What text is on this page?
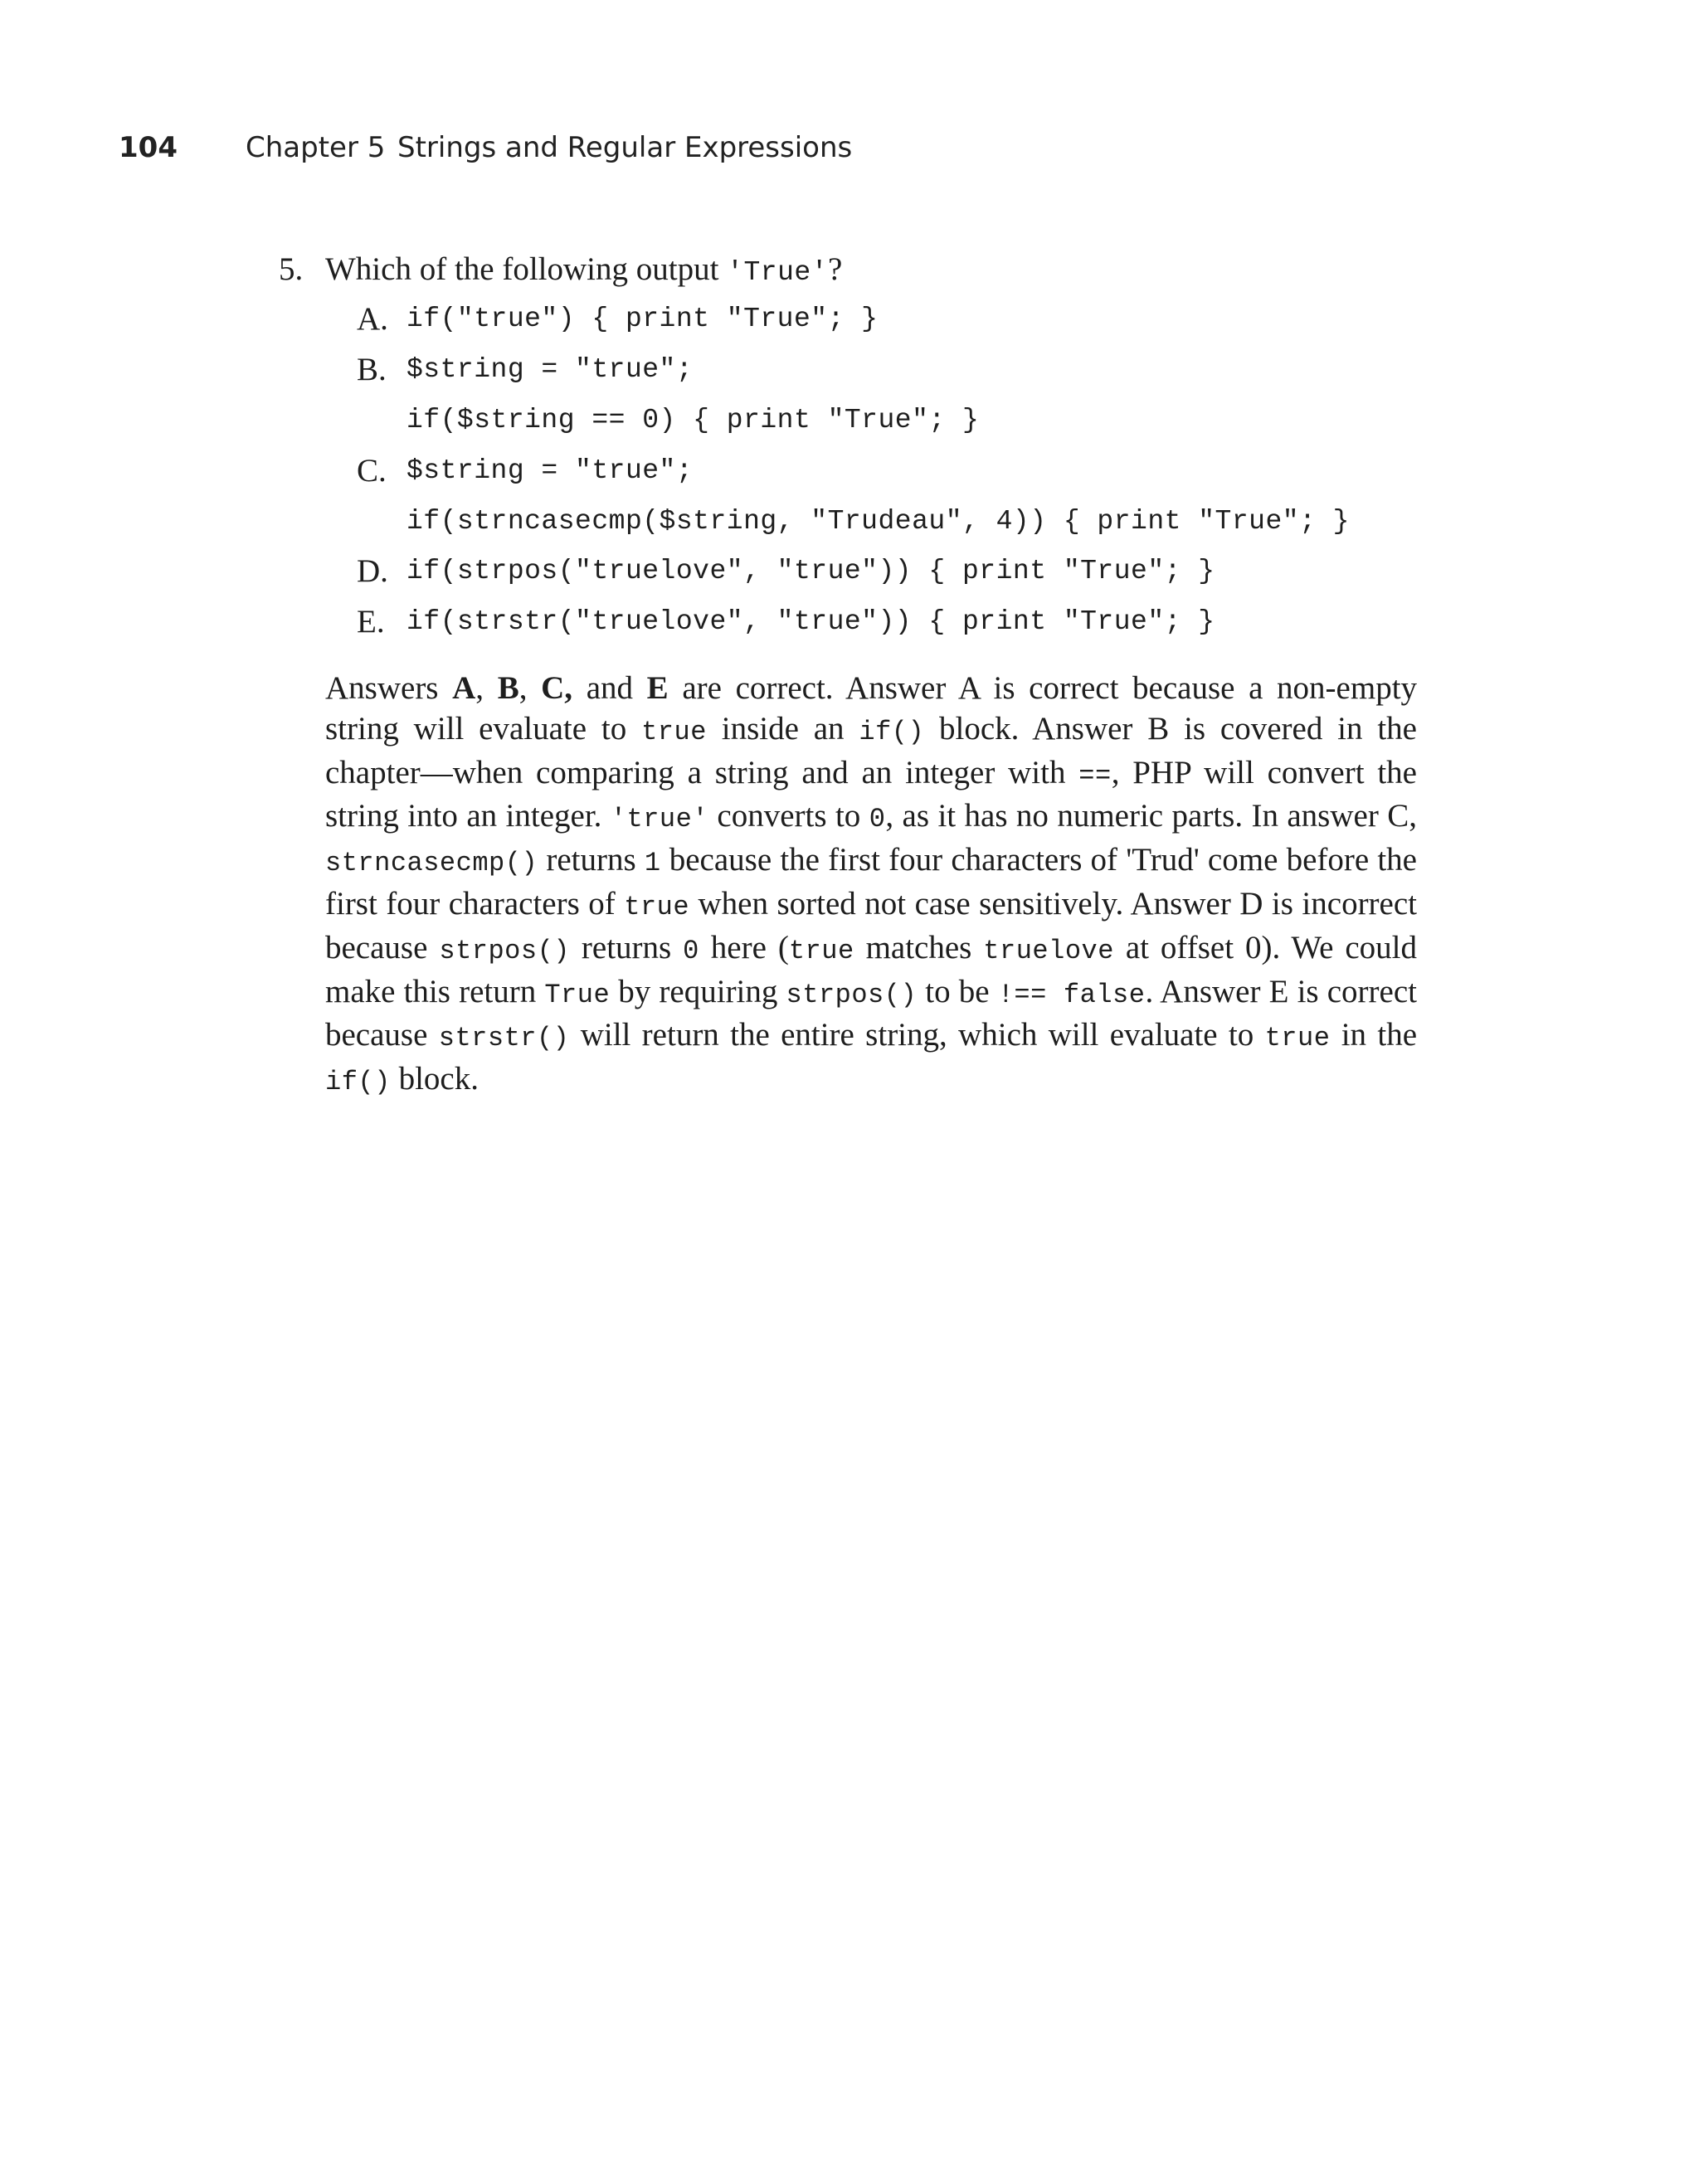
104 Chapter 5 Strings and Regular Expressions
5. Which of the following output 'True'?
A. if("true") { print "True"; }
B. $string = "true";
if($string == 0) { print "True"; }
C. $string = "true";
if(strncasecmp($string, "Trudeau", 4)) { print "True"; }
D. if(strpos("truelove", "true")) { print "True"; }
E. if(strstr("truelove", "true")) { print "True"; }

Answers A, B, C, and E are correct. Answer A is correct because a non-empty string will evaluate to true inside an if() block. Answer B is covered in the chapter—when comparing a string and an integer with ==, PHP will convert the string into an integer. 'true' converts to 0, as it has no numeric parts. In answer C, strncasecmp() returns 1 because the first four characters of 'Trud' come before the first four characters of true when sorted not case sensitively. Answer D is incorrect because strpos() returns 0 here (true matches truelove at offset 0). We could make this return True by requiring strpos() to be !== false. Answer E is correct because strstr() will return the entire string, which will evaluate to true in the if() block.
